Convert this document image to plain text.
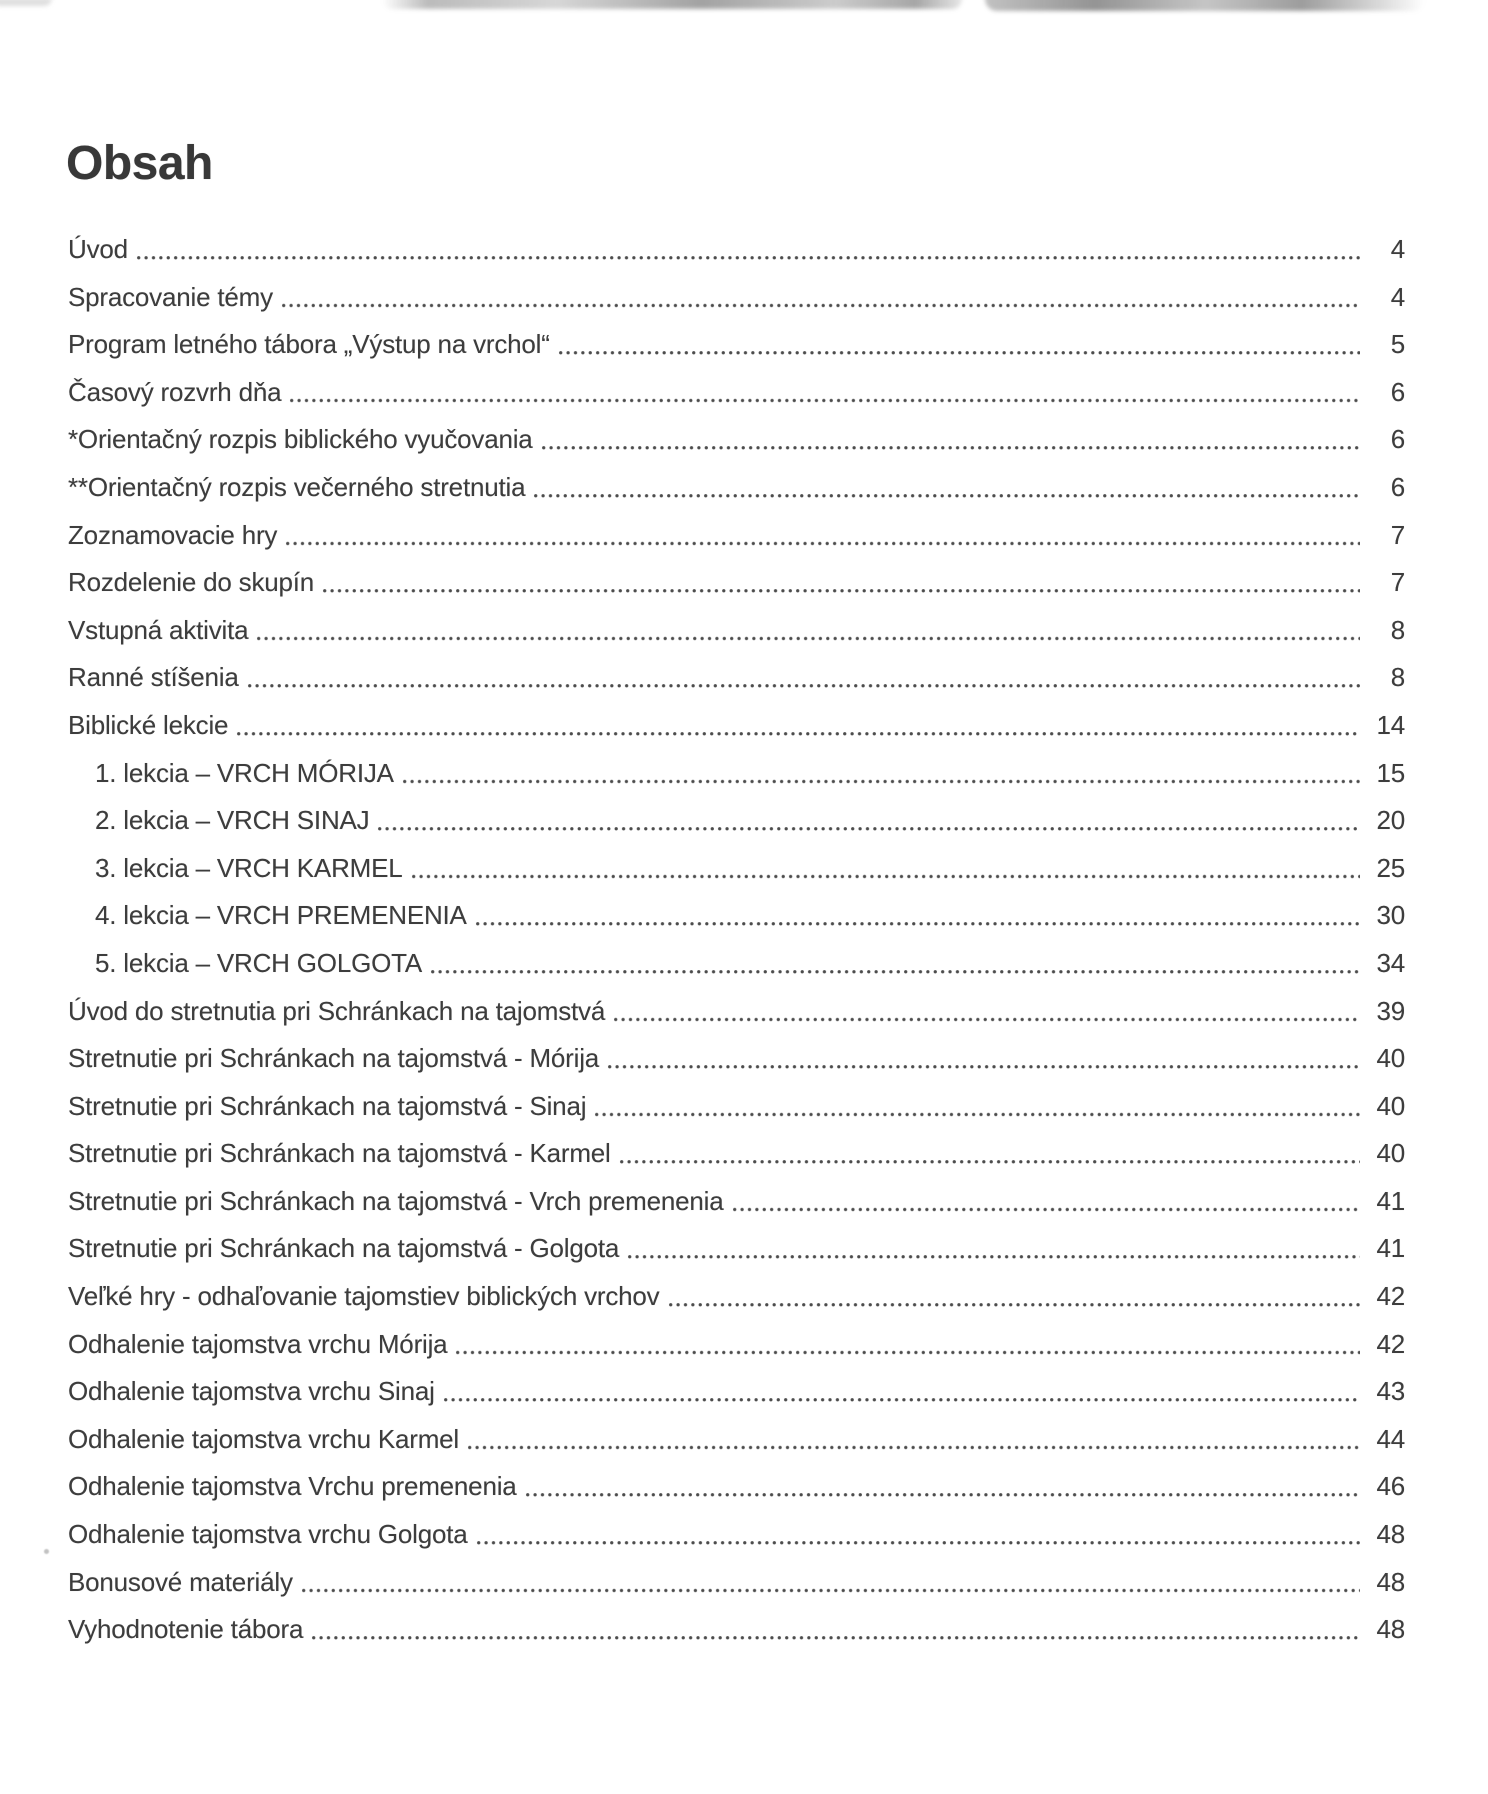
Obsah
Úvod	4
Spracovanie témy	4
Program letného tábora „Výstup na vrchol“	5
Časový rozvrh dňa	6
*Orientačný rozpis biblického vyučovania	6
**Orientačný rozpis večerného stretnutia	6
Zoznamovacie hry	7
Rozdelenie do skupín	7
Vstupná aktivita	8
Ranné stíšenia	8
Biblické lekcie	14
1. lekcia – VRCH MÓRIJA	15
2. lekcia – VRCH SINAJ	20
3. lekcia – VRCH KARMEL	25
4. lekcia – VRCH PREMENENIA	30
5. lekcia – VRCH GOLGOTA	34
Úvod do stretnutia pri Schránkach na tajomstvá	39
Stretnutie pri Schránkach na tajomstvá - Mórija	40
Stretnutie pri Schránkach na tajomstvá - Sinaj	40
Stretnutie pri Schránkach na tajomstvá - Karmel	40
Stretnutie pri Schránkach na tajomstvá - Vrch premenenia	41
Stretnutie pri Schránkach na tajomstvá - Golgota	41
Veľké hry - odhaľovanie tajomstiev biblických vrchov	42
Odhalenie tajomstva vrchu Mórija	42
Odhalenie tajomstva vrchu Sinaj	43
Odhalenie tajomstva vrchu Karmel	44
Odhalenie tajomstva Vrchu premenenia	46
Odhalenie tajomstva vrchu Golgota	48
Bonusové materiály	48
Vyhodnotenie tábora	48
